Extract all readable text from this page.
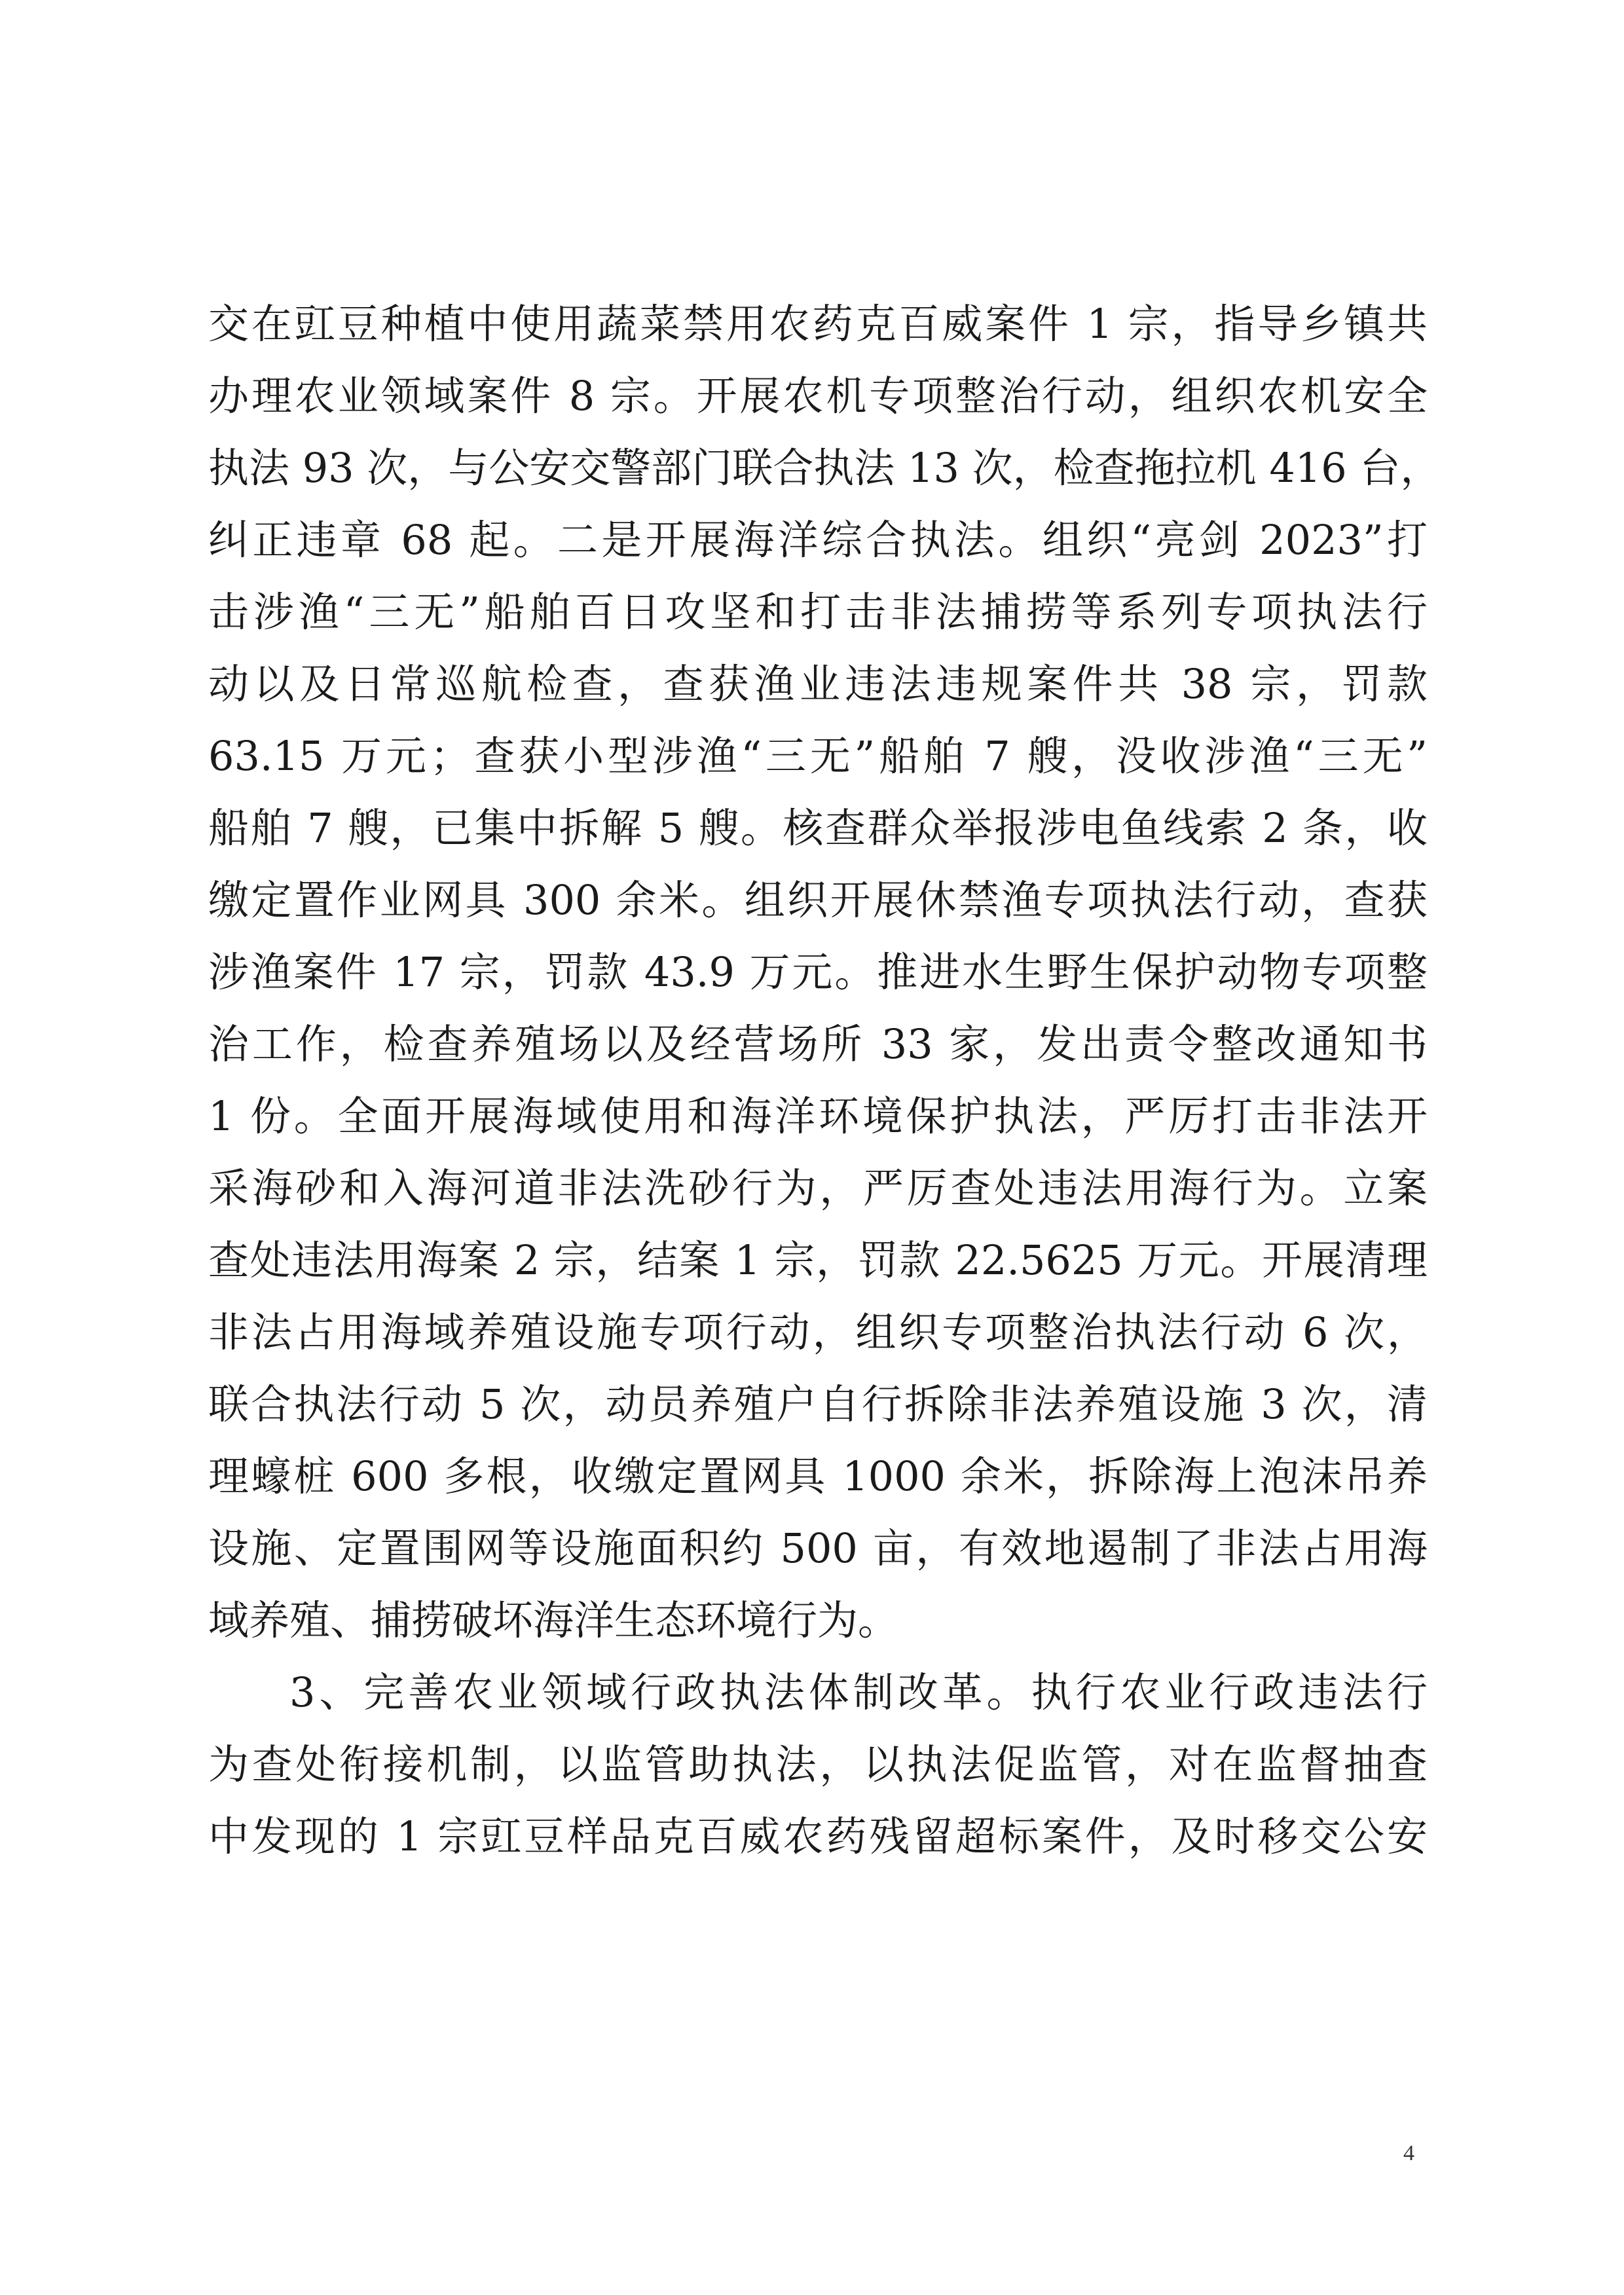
交在豇豆种植中使用蔬菜禁用农药克百威案件 1 宗，指导乡镇共
办理农业领域案件 8 宗。开展农机专项整治行动，组织农机安全
执法 93 次，与公安交警部门联合执法 13 次，检查拖拉机 416 台，
纠正违章 68 起。二是开展海洋综合执法。组织“亮剑 2023”打
击涉渔“三无”船舶百日攻坚和打击非法捕捞等系列专项执法行
动以及日常巡航检查，查获渔业违法违规案件共 38 宗，罚款
63.15 万元；查获小型涉渔“三无”船舶 7 艘，没收涉渔“三无”
船舶 7 艘，已集中拆解 5 艘。核查群众举报涉电鱼线索 2 条，收
缴定置作业网具 300 余米。组织开展休禁渔专项执法行动，查获
涉渔案件 17 宗，罚款 43.9 万元。推进水生野生保护动物专项整
治工作，检查养殖场以及经营场所 33 家，发出责令整改通知书
1 份。全面开展海域使用和海洋环境保护执法，严厉打击非法开
采海砂和入海河道非法洗砂行为，严厉查处违法用海行为。立案
查处违法用海案 2 宗，结案 1 宗，罚款 22.5625 万元。开展清理
非法占用海域养殖设施专项行动，组织专项整治执法行动 6 次，
联合执法行动 5 次，动员养殖户自行拆除非法养殖设施 3 次，清
理蠔桩 600 多根，收缴定置网具 1000 余米，拆除海上泡沫吊养
设施、定置围网等设施面积约 500 亩，有效地遏制了非法占用海
域养殖、捕捞破坏海洋生态环境行为。
3、完善农业领域行政执法体制改革。执行农业行政违法行
为查处衔接机制，以监管助执法，以执法促监管，对在监督抽查
中发现的 1 宗豇豆样品克百威农药残留超标案件，及时移交公安
4
